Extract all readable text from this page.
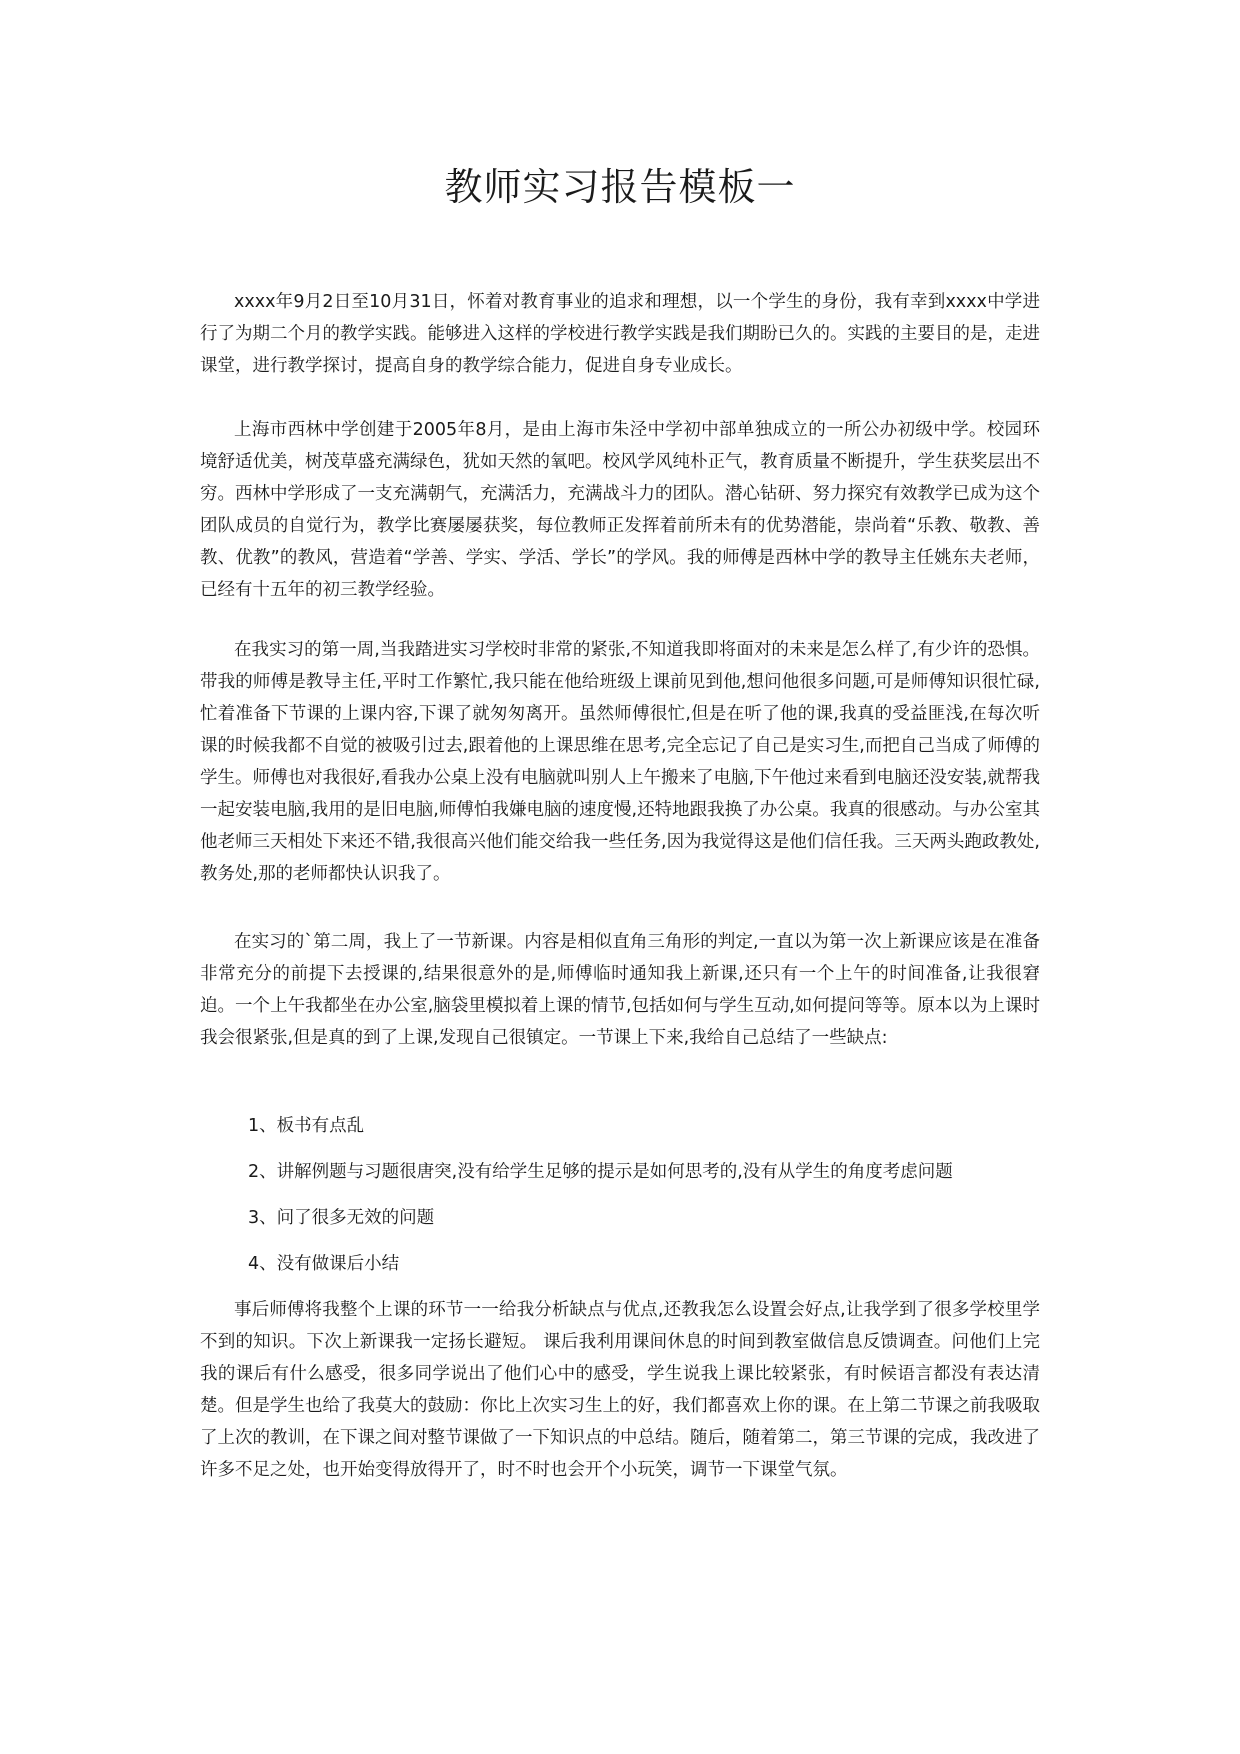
教师实习报告模板一

xxxx年9月2日至10月31日，怀着对教育事业的追求和理想，以一个学生的身份，我有幸到xxxx中学进行了为期二个月的教学实践。能够进入这样的学校进行教学实践是我们期盼已久的。实践的主要目的是，走进课堂，进行教学探讨，提高自身的教学综合能力，促进自身专业成长。

上海市西林中学创建于2005年8月，是由上海市朱泾中学初中部单独成立的一所公办初级中学。校园环境舒适优美，树茂草盛充满绿色，犹如天然的氧吧。校风学风纯朴正气，教育质量不断提升，学生获奖层出不穷。西林中学形成了一支充满朝气，充满活力，充满战斗力的团队。潜心钻研、努力探究有效教学已成为这个团队成员的自觉行为，教学比赛屡屡获奖，每位教师正发挥着前所未有的优势潜能，崇尚着“乐教、敬教、善教、优教”的教风，营造着“学善、学实、学活、学长”的学风。我的师傅是西林中学的教导主任姚东夫老师，已经有十五年的初三教学经验。

在我实习的第一周,当我踏进实习学校时非常的紧张,不知道我即将面对的未来是怎么样了,有少许的恐惧。带我的师傅是教导主任,平时工作繁忙,我只能在他给班级上课前见到他,想问他很多问题,可是师傅知识很忙碌,忙着准备下节课的上课内容,下课了就匆匆离开。虽然师傅很忙,但是在听了他的课,我真的受益匪浅,在每次听课的时候我都不自觉的被吸引过去,跟着他的上课思维在思考,完全忘记了自己是实习生,而把自己当成了师傅的学生。师傅也对我很好,看我办公桌上没有电脑就叫别人上午搬来了电脑,下午他过来看到电脑还没安装,就帮我一起安装电脑,我用的是旧电脑,师傅怕我嫌电脑的速度慢,还特地跟我换了办公桌。我真的很感动。与办公室其他老师三天相处下来还不错,我很高兴他们能交给我一些任务,因为我觉得这是他们信任我。三天两头跑政教处,教务处,那的老师都快认识我了。

在实习的`第二周，我上了一节新课。内容是相似直角三角形的判定,一直以为第一次上新课应该是在准备非常充分的前提下去授课的,结果很意外的是,师傅临时通知我上新课,还只有一个上午的时间准备,让我很窘迫。一个上午我都坐在办公室,脑袋里模拟着上课的情节,包括如何与学生互动,如何提问等等。原本以为上课时我会很紧张,但是真的到了上课,发现自己很镇定。一节课上下来,我给自己总结了一些缺点:

1、板书有点乱

2、讲解例题与习题很唐突,没有给学生足够的提示是如何思考的,没有从学生的角度考虑问题

3、问了很多无效的问题

4、没有做课后小结

事后师傅将我整个上课的环节一一给我分析缺点与优点,还教我怎么设置会好点,让我学到了很多学校里学不到的知识。下次上新课我一定扬长避短。 课后我利用课间休息的时间到教室做信息反馈调查。问他们上完我的课后有什么感受，很多同学说出了他们心中的感受，学生说我上课比较紧张，有时候语言都没有表达清楚。但是学生也给了我莫大的鼓励：你比上次实习生上的好，我们都喜欢上你的课。在上第二节课之前我吸取了上次的教训，在下课之间对整节课做了一下知识点的中总结。随后，随着第二，第三节课的完成，我改进了许多不足之处，也开始变得放得开了，时不时也会开个小玩笑，调节一下课堂气氛。
